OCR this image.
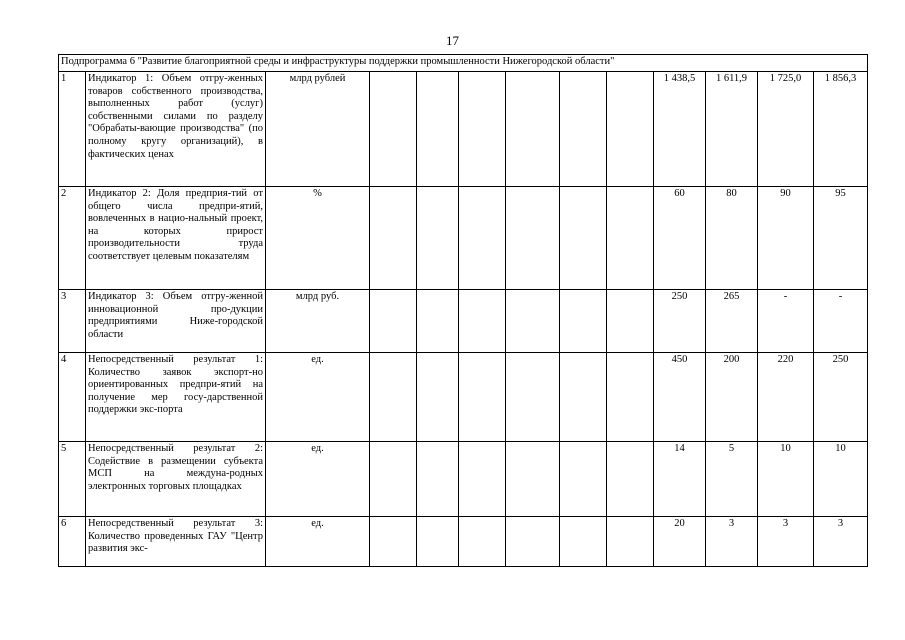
17
Подпрограмма 6 "Развитие благоприятной среды и инфраструктуры поддержки промышленности Нижегородской области"												
1	Индикатор 1: Объем отгру-женных товаров собственного производства, выполненных работ (услуг) собственными силами по разделу "Обрабаты-вающие производства" (по полному кругу организаций), в фактических ценах	млрд рублей							1 438,5	1 611,9	1 725,0	1 856,3
2	Индикатор 2: Доля предприя-тий от общего числа предпри-ятий, вовлеченных в нацио-нальный проект, на которых прирост производительности труда соответствует целевым показателям	%							60	80	90	95
3	Индикатор 3: Объем отгру-женной инновационной про-дукции предприятиями Ниже-городской области	млрд руб.							250	265	-	-
4	Непосредственный результат 1: Количество заявок экспорт-но ориентированных предпри-ятий на получение мер госу-дарственной поддержки экс-порта	ед.							450	200	220	250
5	Непосредственный результат 2: Содействие в размещении субъекта МСП на междуна-родных электронных торговых площадках	ед.							14	5	10	10
6	Непосредственный результат 3: Количество проведенных ГАУ "Центр развития экс-	ед.							20	3	3	3
